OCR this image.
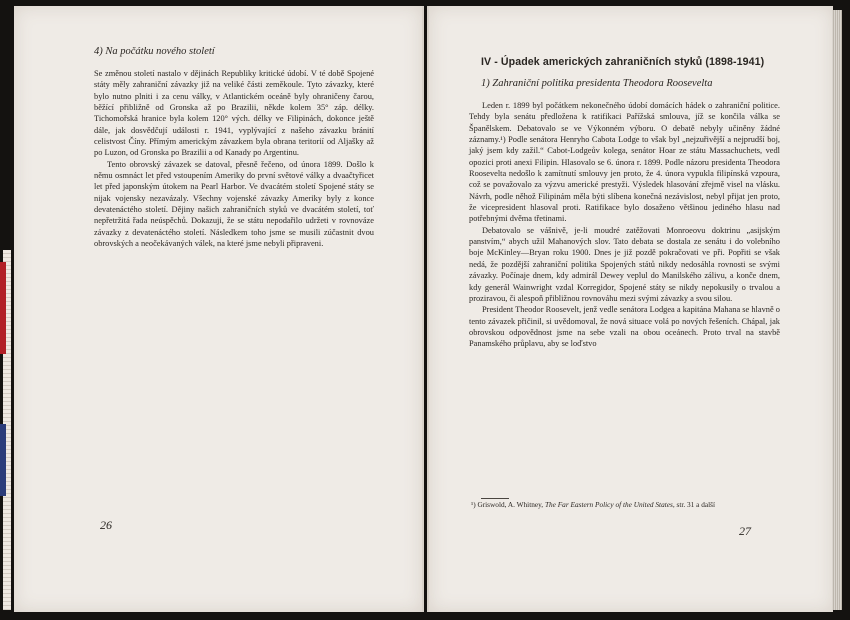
4) Na počátku nového století

Se změnou století nastalo v dějinách Republiky kritické údobí. V té době Spojené státy měly zahraniční závazky již na veliké části zeměkoule. Tyto závazky, které bylo nutno plniti i za cenu války, v Atlantickém oceáně byly ohraničeny čarou, běžící přibližně od Gronska až po Brazilii, někde kolem 35° záp. délky. Tichomořská hranice byla kolem 120° vých. délky ve Filipinách, dokonce ještě dále, jak dosvědčují události r. 1941, vyplývající z našeho závazku bránití celistvost Číny. Přímým americkým závazkem byla obrana teritorií od Aljašky až po Luzon, od Gronska po Brazilii a od Kanady po Argentinu.

Tento obrovský závazek se datoval, přesně řečeno, od února 1899. Došlo k němu osmnáct let před vstoupením Ameriky do první světové války a dvaačtyřicet let před japonským útokem na Pearl Harbor. Ve dvacátém století Spojené státy se nijak vojensky nezavázaly. Všechny vojenské závazky Ameriky byly z konce devatenáctého století. Dějiny našich zahraničních styků ve dvacátém století, toť nepřetržitá řada neúspěchů. Dokazuji, že se státu nepodařilo udržeti v rovnováze závazky z devatenáctého století. Následkem toho jsme se musili zúčastnit dvou obrovských a neočekávaných válek, na které jsme nebyli připraveni.

26
IV - Úpadek amerických zahraničních styků (1898-1941)
1) Zahraniční politika presidenta Theodora Roosevelta

Leden r. 1899 byl počátkem nekonečného údobí domácích hádek o zahraniční politice. Tehdy byla senátu předložena k ratifikaci Pařížská smlouva, jíž se končila válka se Španělskem. Debatovalo se ve Výkonném výboru. O debatě nebyly učiněny žádné záznamy.¹) Podle senátora Henryho Cabota Lodge to však byl „nejzuřivější a nejprudší boj, jaký jsem kdy zažil.“ Cabot-Lodgeův kolega, senátor Hoar ze státu Massachuchets, vedl opozici proti anexi Filipin. Hlasovalo se 6. února r. 1899. Podle názoru presidenta Theodora Roosevelta nedošlo k zamítnutí smlouvy jen proto, že 4. února vypukla filipínská vzpoura, což se považovalo za výzvu americké prestyži. Výsledek hlasování zřejmě visel na vlásku. Návrh, podle něhož Filipinám měla býti slíbena konečná nezávislost, nebyl přijat jen proto, že vicepresident hlasoval proti. Ratifikace bylo dosaženo většinou jediného hlasu nad potřebnými dvěma třetinami.

Debatovalo se vášnivě, je-li moudré zatěžovati Monroeovu doktrinu „asijským panstvím,“ abych užil Mahanových slov. Tato debata se dostala ze senátu i do volebního boje McKinley—Bryan roku 1900. Dnes je již pozdě pokračovati ve při. Popřiti se však nedá, že pozdější zahraniční politika Spojených států nikdy nedosáhla rovnosti se svými závazky. Počínaje dnem, kdy admirál Dewey veplul do Manilského zálivu, a konče dnem, kdy generál Wainwright vzdal Korregidor, Spojené státy se nikdy nepokusily o trvalou a proziravou, či alespoň přibližnou rovnováhu mezi svými závazky a svou silou.

President Theodor Roosevelt, jenž vedle senátora Lodgea a kapitána Mahana se hlavně o tento závazek přičinil, si uvědomoval, že nová situace volá po nových řešeních. Chápal, jak obrovskou odpovědnost jsme na sebe vzali na obou oceánech. Proto trval na stavbě Panamského průplavu, aby se loďstvo

¹) Griswold, A. Whitney, The Far Eastern Policy of the United States, str. 31 a další
27
